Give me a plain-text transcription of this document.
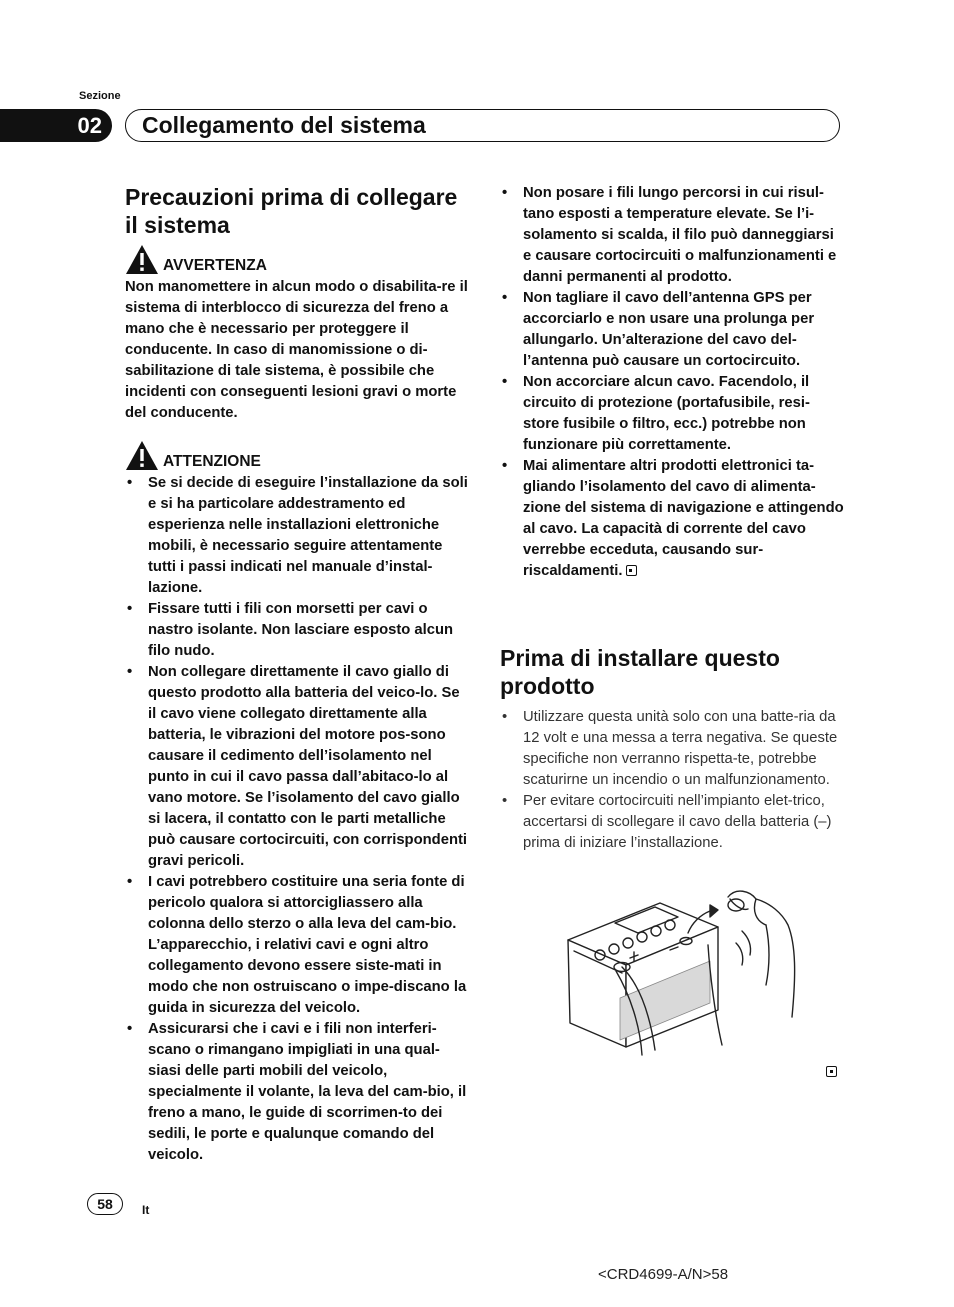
Sezione
02	Collegamento del sistema
Precauzioni prima di collegare il sistema
AVVERTENZA
Non manomettere in alcun modo o disabilita-re il sistema di interblocco di sicurezza del freno a mano che è necessario per proteggere il conducente. In caso di manomissione o di-sabilitazione di tale sistema, è possibile che incidenti con conseguenti lesioni gravi o morte del conducente.
ATTENZIONE
• Se si decide di eseguire l’installazione da soli e si ha particolare addestramento ed esperienza nelle installazioni elettroniche mobili, è necessario seguire attentamente tutti i passi indicati nel manuale d’instal-lazione.
• Fissare tutti i fili con morsetti per cavi o nastro isolante. Non lasciare esposto alcun filo nudo.
• Non collegare direttamente il cavo giallo di questo prodotto alla batteria del veico-lo. Se il cavo viene collegato direttamente alla batteria, le vibrazioni del motore pos-sono causare il cedimento dell’isolamento nel punto in cui il cavo passa dall’abitaco-lo al vano motore. Se l’isolamento del cavo giallo si lacera, il contatto con le parti metalliche può causare cortocircuiti, con corrispondenti gravi pericoli.
• I cavi potrebbero costituire una seria fonte di pericolo qualora si attorcigliassero alla colonna dello sterzo o alla leva del cam-bio. L’apparecchio, i relativi cavi e ogni altro collegamento devono essere siste-mati in modo che non ostruiscano o impe-discano la guida in sicurezza del veicolo.
• Assicurarsi che i cavi e i fili non interferi-scano o rimangano impigliati in una qual-siasi delle parti mobili del veicolo, specialmente il volante, la leva del cam-bio, il freno a mano, le guide di scorrimen-to dei sedili, le porte e qualunque comando del veicolo.
• Non posare i fili lungo percorsi in cui risul-tano esposti a temperature elevate. Se l’i-solamento si scalda, il filo può danneggiarsi e causare cortocircuiti o malfunzionamenti e danni permanenti al prodotto.
• Non tagliare il cavo dell’antenna GPS per accorciarlo e non usare una prolunga per allungarlo. Un’alterazione del cavo del-l’antenna può causare un cortocircuito.
• Non accorciare alcun cavo. Facendolo, il circuito di protezione (portafusibile, resi-store fusibile o filtro, ecc.) potrebbe non funzionare più correttamente.
• Mai alimentare altri prodotti elettronici ta-gliando l’isolamento del cavo di alimenta-zione del sistema di navigazione e attingendo al cavo. La capacità di corrente del cavo verrebbe ecceduta, causando sur-riscaldamenti.
Prima di installare questo prodotto
• Utilizzare questa unità solo con una batte-ria da 12 volt e una messa a terra negativa. Se queste specifiche non verranno rispetta-te, potrebbe scaturirne un incendio o un malfunzionamento.
• Per evitare cortocircuiti nell’impianto elet-trico, accertarsi di scollegare il cavo della batteria (–) prima di iniziare l’installazione.
58	It
<CRD4699-A/N>58
